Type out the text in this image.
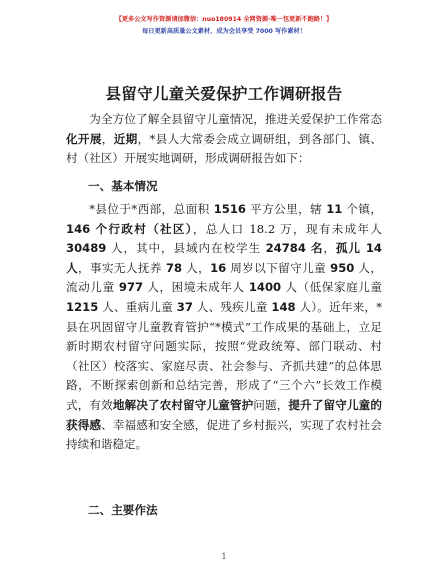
【更多公文写作资源请加微信：nuo180914 全网资源·唯一包更新不跑路！】
每日更新高质量公文素材，成为会员享受 7000 写作素材！
县留守儿童关爱保护工作调研报告
为全方位了解全县留守儿童情况，推进关爱保护工作常态化开展，近期，*县人大常委会成立调研组，到各部门、镇、村（社区）开展实地调研，形成调研报告如下：
一、基本情况
*县位于*西部，总面积 1516 平方公里，辖 11 个镇，146 个行政村（社区），总人口 18.2 万，现有未成年人 30489 人，其中，县域内在校学生 24784 名，孤儿 14 人，事实无人抚养 78 人，16 周岁以下留守儿童 950 人，流动儿童 977 人，困境未成年人 1400 人（低保家庭儿童 1215 人、重病儿童 37 人、残疾儿童 148 人）。近年来，*县在巩固留守儿童教育管护“*模式”工作成果的基础上，立足新时期农村留守问题实际，按照“党政统筹、部门联动、村（社区）校落实、家庭尽责、社会参与、齐抓共建”的总体思路，不断探索创新和总结完善，形成了“三个六”长效工作模式，有效地解决了农村留守儿童管护问题，提升了留守儿童的获得感、幸福感和安全感，促进了乡村振兴，实现了农村社会持续和谐稳定。
二、主要作法
1
